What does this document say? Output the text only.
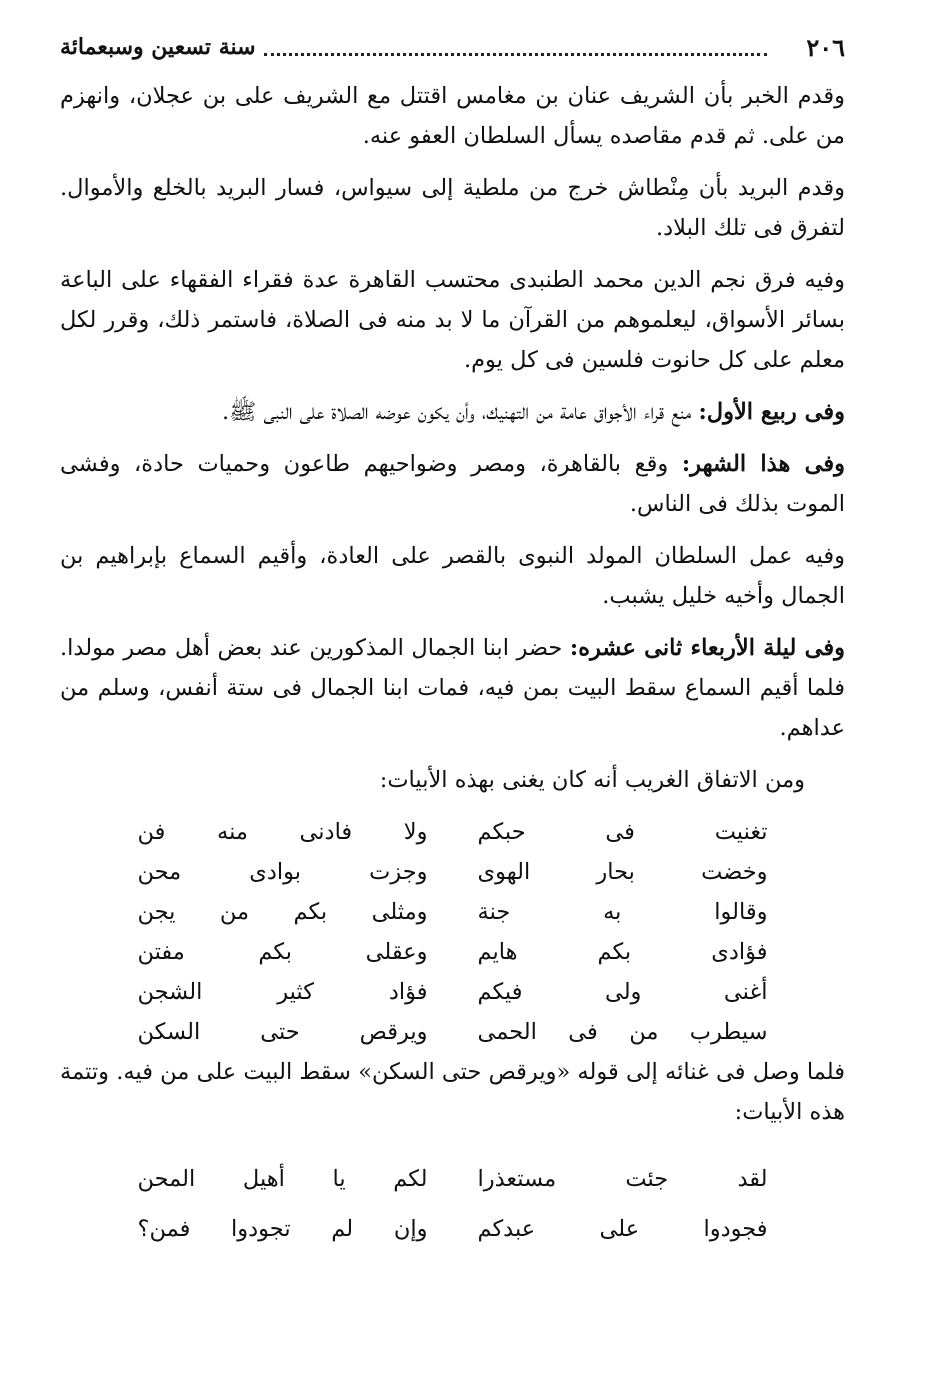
٢٠٦
سنة تسعين وسبعمائة

وقدم الخبر بأن الشريف عنان بن مغامس اقتتل مع الشريف على بن عجلان، وانهزم من على. ثم قدم مقاصده يسأل السلطان العفو عنه.

وقدم البريد بأن مِنْطاش خرج من ملطية إلى سيواس، فسار البريد بالخلع والأموال. لتفرق فى تلك البلاد.

وفيه فرق نجم الدين محمد الطنبدى محتسب القاهرة عدة فقراء الفقهاء على الباعة بسائر الأسواق، ليعلموهم من القرآن ما لا بد منه فى الصلاة، فاستمر ذلك، وقرر لكل معلم على كل حانوت فلسين فى كل يوم.

وفى ربيع الأول: منع قراء الأجواق عامة من التهنيك، وأن يكون عوضه الصلاة على النبى ﷺ.

وفى هذا الشهر: وقع بالقاهرة، ومصر وضواحيهم طاعون وحميات حادة، وفشى الموت بذلك فى الناس.

وفيه عمل السلطان المولد النبوى بالقصر على العادة، وأقيم السماع بإبراهيم بن الجمال وأخيه خليل يشبب.

وفى ليلة الأربعاء ثانى عشره: حضر ابنا الجمال المذكورين عند بعض أهل مصر مولدا. فلما أقيم السماع سقط البيت بمن فيه، فمات ابنا الجمال فى ستة أنفس، وسلم من عداهم.

ومن الاتفاق الغريب أنه كان يغنى بهذه الأبيات:

تغنيت فى حبكم
ولا فادنى منه فن
وخضت بحار الهوى
وجزت بوادى محن
وقالوا به جنة
ومثلى بكم من يجن
فؤادى بكم هايم
وعقلى بكم مفتن
أغنى ولى فيكم
فؤاد كثير الشجن
سيطرب من فى الحمى
ويرقص حتى السكن

فلما وصل فى غنائه إلى قوله «ويرقص حتى السكن» سقط البيت على من فيه. وتتمة هذه الأبيات:

لقد جئت مستعذرا
لكم يا أهيل المحن
فجودوا على عبدكم
وإن لم تجودوا فمن؟
